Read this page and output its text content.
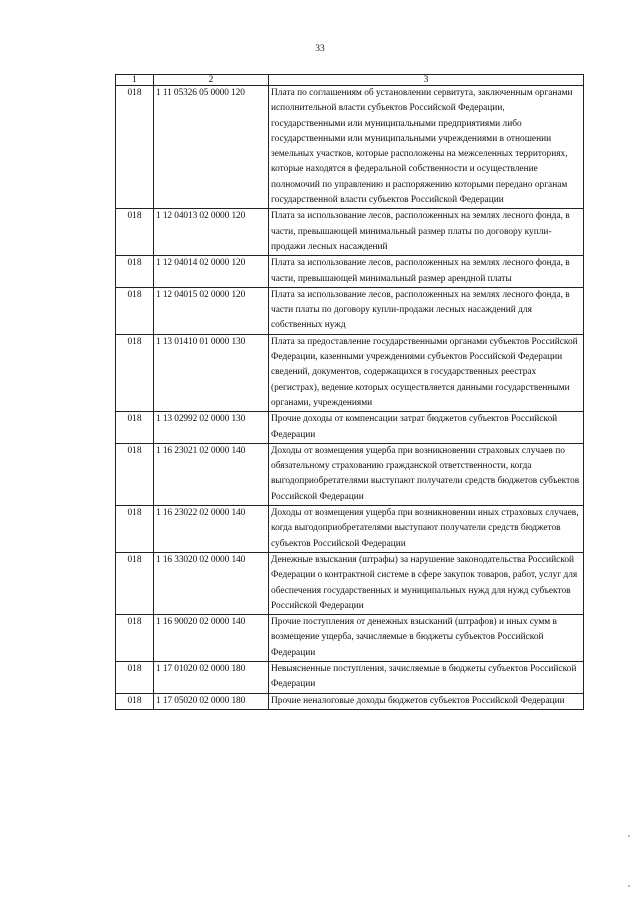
33
1	2	3
018	1 11 05326 05 0000 120	Плата по соглашениям об установлении сервитута, заключенным органами исполнительной власти субъектов Российской Федерации, государственными или муниципальными предприятиями либо государственными или муниципальными учреждениями в отношении земельных участков, которые расположены на межселенных территориях, которые находятся в федеральной собственности и осуществление полномочий по управлению и распоряжению которыми передано органам государственной власти субъектов Российской Федерации
018	1 12 04013 02 0000 120	Плата за использование лесов, расположенных на землях лесного фонда, в части, превышающей минимальный размер платы по договору купли-продажи лесных насаждений
018	1 12 04014 02 0000 120	Плата за использование лесов, расположенных на землях лесного фонда, в части, превышающей минимальный размер арендной платы
018	1 12 04015 02 0000 120	Плата за использование лесов, расположенных на землях лесного фонда, в части платы по договору купли-продажи лесных насаждений для собственных нужд
018	1 13 01410 01 0000 130	Плата за предоставление государственными органами субъектов Российской Федерации, казенными учреждениями субъектов Российской Федерации сведений, документов, содержащихся в государственных реестрах (регистрах), ведение которых осуществляется данными государственными органами, учреждениями
018	1 13 02992 02 0000 130	Прочие доходы от компенсации затрат бюджетов субъектов Российской Федерации
018	1 16 23021 02 0000 140	Доходы от возмещения ущерба при возникновении страховых случаев по обязательному страхованию гражданской ответственности, когда выгодоприобретателями выступают получатели средств бюджетов субъектов Российской Федерации
018	1 16 23022 02 0000 140	Доходы от возмещения ущерба при возникновении иных страховых случаев, когда выгодоприобретателями выступают получатели средств бюджетов субъектов Российской Федерации
018	1 16 33020 02 0000 140	Денежные взыскания (штрафы) за нарушение законодательства Российской Федерации о контрактной системе в сфере закупок товаров, работ, услуг для обеспечения государственных и муниципальных нужд для нужд субъектов Российской Федерации
018	1 16 90020 02 0000 140	Прочие поступления от денежных взысканий (штрафов) и иных сумм в возмещение ущерба, зачисляемые в бюджеты субъектов Российской Федерации
018	1 17 01020 02 0000 180	Невыясненные поступления, зачисляемые в бюджеты субъектов Российской Федерации
018	1 17 05020 02 0000 180	Прочие неналоговые доходы бюджетов субъектов Российской Федерации
